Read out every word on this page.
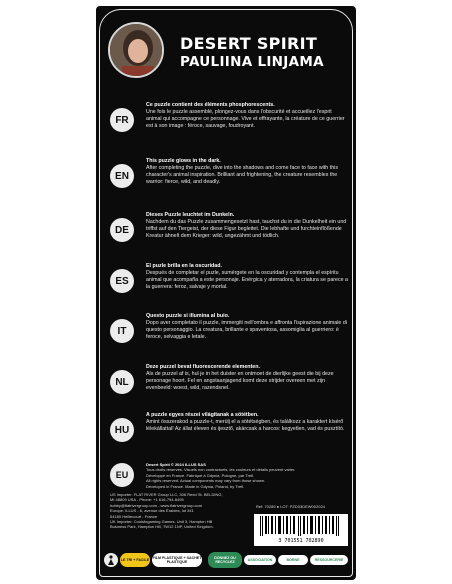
DESERT SPIRIT
PAULIINA LINJAMA
FR
Ce puzzle contient des éléments phosphorescents.
Une fois le puzzle assemblé, plongez-vous dans l'obscurité et accueillez l'esprit animal qui accompagne ce personnage. Vive et effrayante, la créature de ce guerrier est à son image : féroce, sauvage, foudroyant.
EN
This puzzle glows in the dark.
After completing the puzzle, dive into the shadows and come face to face with this character's animal inspiration. Brilliant and frightening, the creature resembles the warrior: fierce, wild, and deadly.
DE
Dieses Puzzle leuchtet im Dunkeln.
Nachdem du das Puzzle zusammengesetzt hast, tauchst du in die Dunkelheit ein und triffst auf den Tiergeist, der diese Figur begleitet. Die lebhafte und furchteinflößende Kreatur ähnelt dem Krieger: wild, ungezähmt und tödlich.
ES
El puzle brilla en la oscuridad.
Después de completar el puzle, sumérgete en la oscuridad y contempla el espíritu animal que acompaña a este personaje. Enérgica y aterradora, la criatura se parece a la guerrera: feroz, salvaje y mortal.
IT
Questo puzzle si illumina al buio.
Dopo aver completato il puzzle, immergiti nell'ombra e affronta l'ispirazione animale di questo personaggio. La creatura, brillante e spaventosa, assomiglia al guerriero: è feroce, selvaggia e letale.
NL
Deze puzzel bevat fluorescerende elementen.
Als de puzzel af is, hul je in het duister en ontmoet de dierlijke geest die bij deze personage hoort. Fel en angstaanjagend komt deze strijder overeen met zijn evenbeeld: woest, wild, razendsnel.
HU
A puzzle egyes részei világítanak a sötétben.
Amint összerakod a puzzle-t, merülj el a sötétségben, és találkozz a karaktert kísérő lélekállattal! Az állat éleven és ijesztő, akárcsak a harcos: kegyetlen, vad és pusztító.
EU
Desert Spirit © 2024 ILLUS SAS
Tous droits réservés. Visuels non contractuels, les couleurs et détails peuvent varier.
Développé en France. Fabriqué à Gdynia, Pologne, par Trefl.
All rights reserved. Actual components may vary from those shown.
Developed in France. Made in Gdynia, Poland, by Trefl.
US Importer: FLAT RIVER Group LLC, 306 Reed St. BELDING,
MI 48809 USA - Phone: +1 616-794-6495
hobby@flatrivergroup.com - www.flatrivergroup.com
Europe: ILLUS - 6, avenue des Érables, lot 341
54180 Heillecourt - France
UK Importer: Coolsfogaming Games, Unit 3, Hampton Hill
Business Park, Hampton Hill, TW12 1NP, United Kingdom.
Ref: 70289 ● LOT: PZD03DEW002024
3 701551 702890
LE TRI + FACILE
FILM PLASTIQUE + SACHET PLASTIQUE
DONNEZ OU RECYCLEZ
ASSOCIATION	BORNE	RESSOURCERIE
